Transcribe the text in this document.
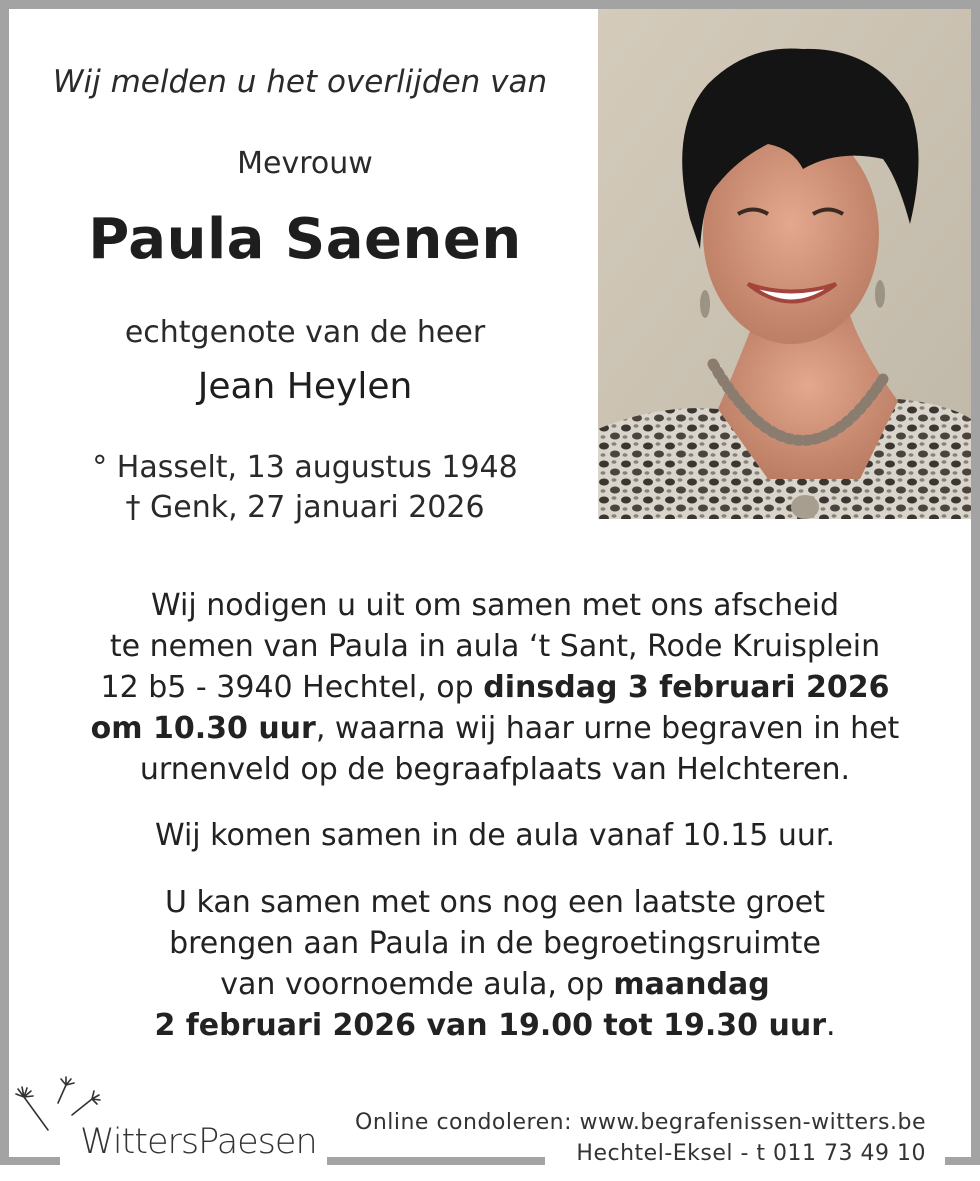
Wij melden u het overlijden van
Mevrouw
Paula Saenen
echtgenote van de heer
Jean Heylen
° Hasselt, 13 augustus 1948
† Genk, 27 januari 2026
Wij nodigen u uit om samen met ons afscheid
te nemen van Paula in aula ‘t Sant, Rode Kruisplein
12 b5 - 3940 Hechtel, op dinsdag 3 februari 2026
om 10.30 uur, waarna wij haar urne begraven in het
urnenveld op de begraafplaats van Helchteren.
Wij komen samen in de aula vanaf 10.15 uur.
U kan samen met ons nog een laatste groet
brengen aan Paula in de begroetingsruimte
van voornoemde aula, op maandag
2 februari 2026 van 19.00 tot 19.30 uur.
WittersPaesen Online condoleren: www.begrafenissen-witters.be
Hechtel-Eksel - t 011 73 49 10
